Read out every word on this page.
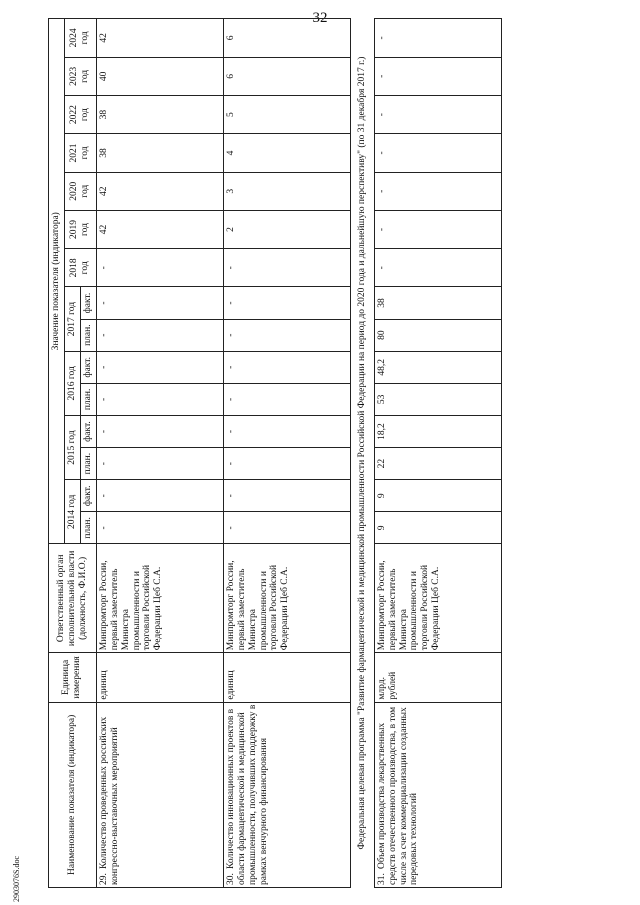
32
Наименование показателя (индикатора)	Единица измерения	Ответственный орган исполнительной власти (должность, Ф.И.О.)	Значение показателя (индикатора)														
			2014 год		2015 год		2016 год		2017 год		2018 год	2019 год	2020 год	2021 год	2022 год	2023 год	2024 год
			план.	факт.	план.	факт.	план.	факт.	план.	факт.							
29.Количество проведенных российских конгрессно-выставочных мероприятий	единиц	Минпромторг России, первый заместитель Министра промышленности и торговли Российской Федерации Цеб С.А.	-	-	-	-	-	-	-	-	-	42	42	38	38	40	42
30.Количество инновационных проектов в области фармацевтической и медицинской промышленности, получивших поддержку в рамках венчурного финансирования	единиц	Минпромторг России, первый заместитель Министра промышленности и торговли Российской Федерации Цеб С.А.	-	-	-	-	-	-	-	-	-	2	3	4	5	6	6
Федеральная целевая программа "Развитие фармацевтической и медицинской промышленности Российской Федерации на период до 2020 года и дальнейшую перспективу" (по 31 декабря 2017 г.)																	
31.Объем производства лекарственных средств отечественного производства, в том числе за счет коммерциализации созданных передовых технологий	млрд. рублей	Минпромторг России, первый заместитель Министра промышленности и торговли Российской Федерации Цеб С.А.	9	9	22	18,2	53	48,2	80	38	-	-	-	-	-	-	-
2903076S.doc
